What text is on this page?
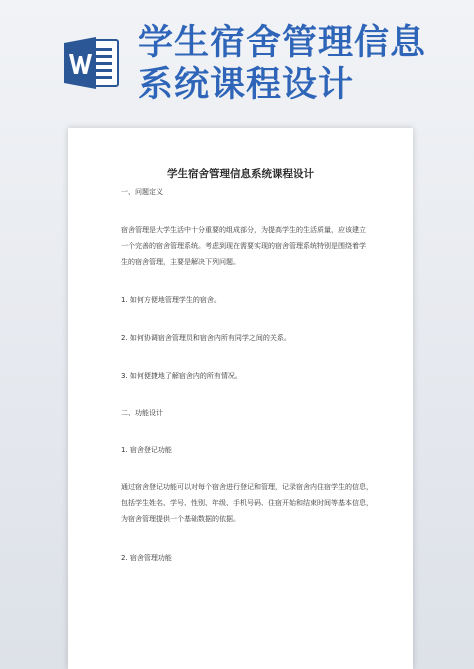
学生宿舍管理信息
系统课程设计
学生宿舍管理信息系统课程设计
一、问题定义
宿舍管理是大学生活中十分重要的组成部分，为提高学生的生活质量，应该建立
一个完善的宿舍管理系统。考虑到现在需要实现的宿舍管理系统特别是围绕着学
生的宿舍管理，主要是解决下列问题。
1. 如何方便地管理学生的宿舍。
2. 如何协调宿舍管理员和宿舍内所有同学之间的关系。
3. 如何便捷地了解宿舍内的所有情况。
二、功能设计
1. 宿舍登记功能
通过宿舍登记功能可以对每个宿舍进行登记和管理，记录宿舍内住宿学生的信息，
包括学生姓名、学号、性别、年级、手机号码、住宿开始和结束时间等基本信息，
为宿舍管理提供一个基础数据的依据。
2. 宿舍管理功能
